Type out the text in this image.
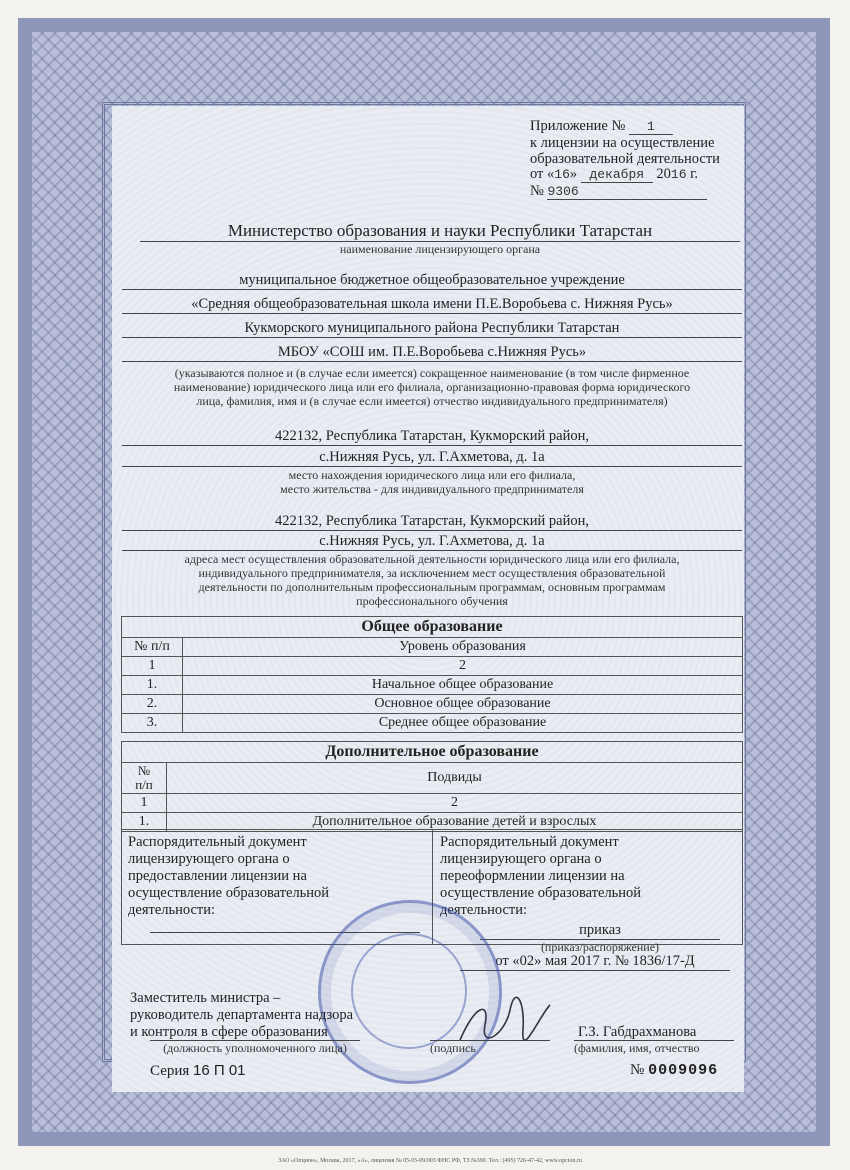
Приложение № 1
к лицензии на осуществление
образовательной деятельности
от «16» декабря 2016 г.
№ 9306
Министерство образования и науки Республики Татарстан
наименование лицензирующего органа
муниципальное бюджетное общеобразовательное учреждение
«Средняя общеобразовательная школа имени П.Е.Воробьева с. Нижняя Русь»
Кукморского муниципального района Республики Татарстан
МБОУ «СОШ им. П.Е.Воробьева с.Нижняя Русь»
(указываются полное и (в случае если имеется) сокращенное наименование (в том числе фирменное
наименование) юридического лица или его филиала, организационно-правовая форма юридического
лица, фамилия, имя и (в случае если имеется) отчество индивидуального предпринимателя)
422132, Республика Татарстан, Кукморский район,
с.Нижняя Русь, ул. Г.Ахметова, д. 1а
место нахождения юридического лица или его филиала,
место жительства - для индивидуального предпринимателя
422132, Республика Татарстан, Кукморский район,
с.Нижняя Русь, ул. Г.Ахметова, д. 1а
адреса мест осуществления образовательной деятельности юридического лица или его филиала,
индивидуального предпринимателя, за исключением мест осуществления образовательной
деятельности по дополнительным профессиональным программам, основным программам
профессионального обучения
Общее образование	
№ п/п	Уровень образования
1	2
1.	Начальное общее образование
2.	Основное общее образование
3.	Среднее общее образование
Дополнительное образование	
№
п/п	Подвиды
1	2
1.	Дополнительное образование детей и взрослых
Распорядительный документ
лицензирующего органа о
предоставлении лицензии на
осуществление образовательной
деятельности:
Распорядительный документ
лицензирующего органа о
переоформлении лицензии на
осуществление образовательной
деятельности:
приказ
(приказ/распоряжение)
от «02» мая 2017 г. № 1836/17-Д
Заместитель министра –
руководитель департамента надзора
и контроля в сфере образования
(должность уполномоченного лица)	(подпись
Г.З. Габдрахманова
(фамилия, имя, отчество
Серия 16 П 01	№ 0009096
ЗАО «Опцион», Москва, 2017, «А», лицензия № 05-05-09/003 ФНС РФ, ТЗ №390. Тел.: (495) 726-47-42, www.opcion.ru
